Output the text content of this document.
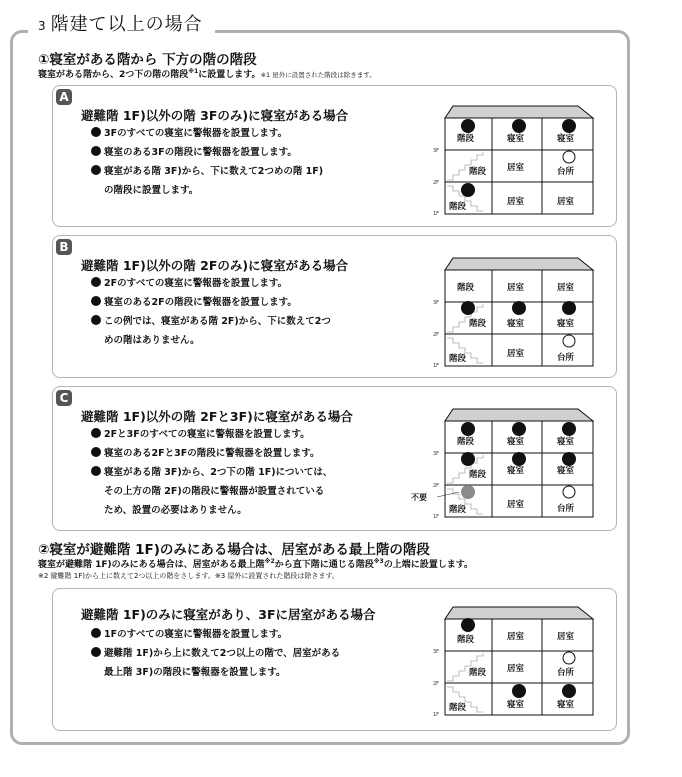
3 階建て以上の場合
①寝室がある階から 下方の階の階段
寝室がある階から、2つ下の階の階段$^{※1}$に設置します。※1 屋外に設置された階段は除きます。
A
避難階 1F)以外の階 3Fのみ)に寝室がある場合
3Fのすべての寝室に警報器を設置します。
寝室のある3Fの階段に警報器を設置します。
寝室がある階 3F)から、下に数えて2つめの階 1F)
の階段に設置します。
3F
2F
1F
階段	寝室	寝室
階段 居室	台所
階段	居室	居室
B
避難階 1F)以外の階 2Fのみ)に寝室がある場合
2Fのすべての寝室に警報器を設置します。
寝室のある2Fの階段に警報器を設置します。
この例では、寝室がある階 2F)から、下に数えて2つ
めの階はありません。
3F
2F
1F
階段	居室	居室
階段 寝室	寝室
階段	居室	台所
C
避難階 1F)以外の階 2Fと3F)に寝室がある場合
2Fと3Fのすべての寝室に警報器を設置します。
寝室のある2Fと3Fの階段に警報器を設置します。
寝室がある階 3F)から、2つ下の階 1F)については、
その上方の階 2F)の階段に警報器が設置されている
ため、設置の必要はありません。
3F
2F
1F
階段	寝室	寝室
階段 寝室	寝室
階段	居室	台所
不要
②寝室が避難階 1F)のみにある場合は、居室がある最上階の階段
寝室が避難階 1F)のみにある場合は、居室がある最上階$^{※2}$から直下階に通じる階段$^{※3}$の上端に設置します。
※2 避難階 1F)から上に数えて2つ以上の階をさします。※3 屋外に設置された階段は除きます。
避難階 1F)のみに寝室があり、3Fに居室がある場合
1Fのすべての寝室に警報器を設置します。
避難階 1F)から上に数えて2つ以上の階で、居室がある
最上階 3F)の階段に警報器を設置します。
3F
2F
1F
階段	居室	居室
階段 居室	台所
階段	寝室	寝室
